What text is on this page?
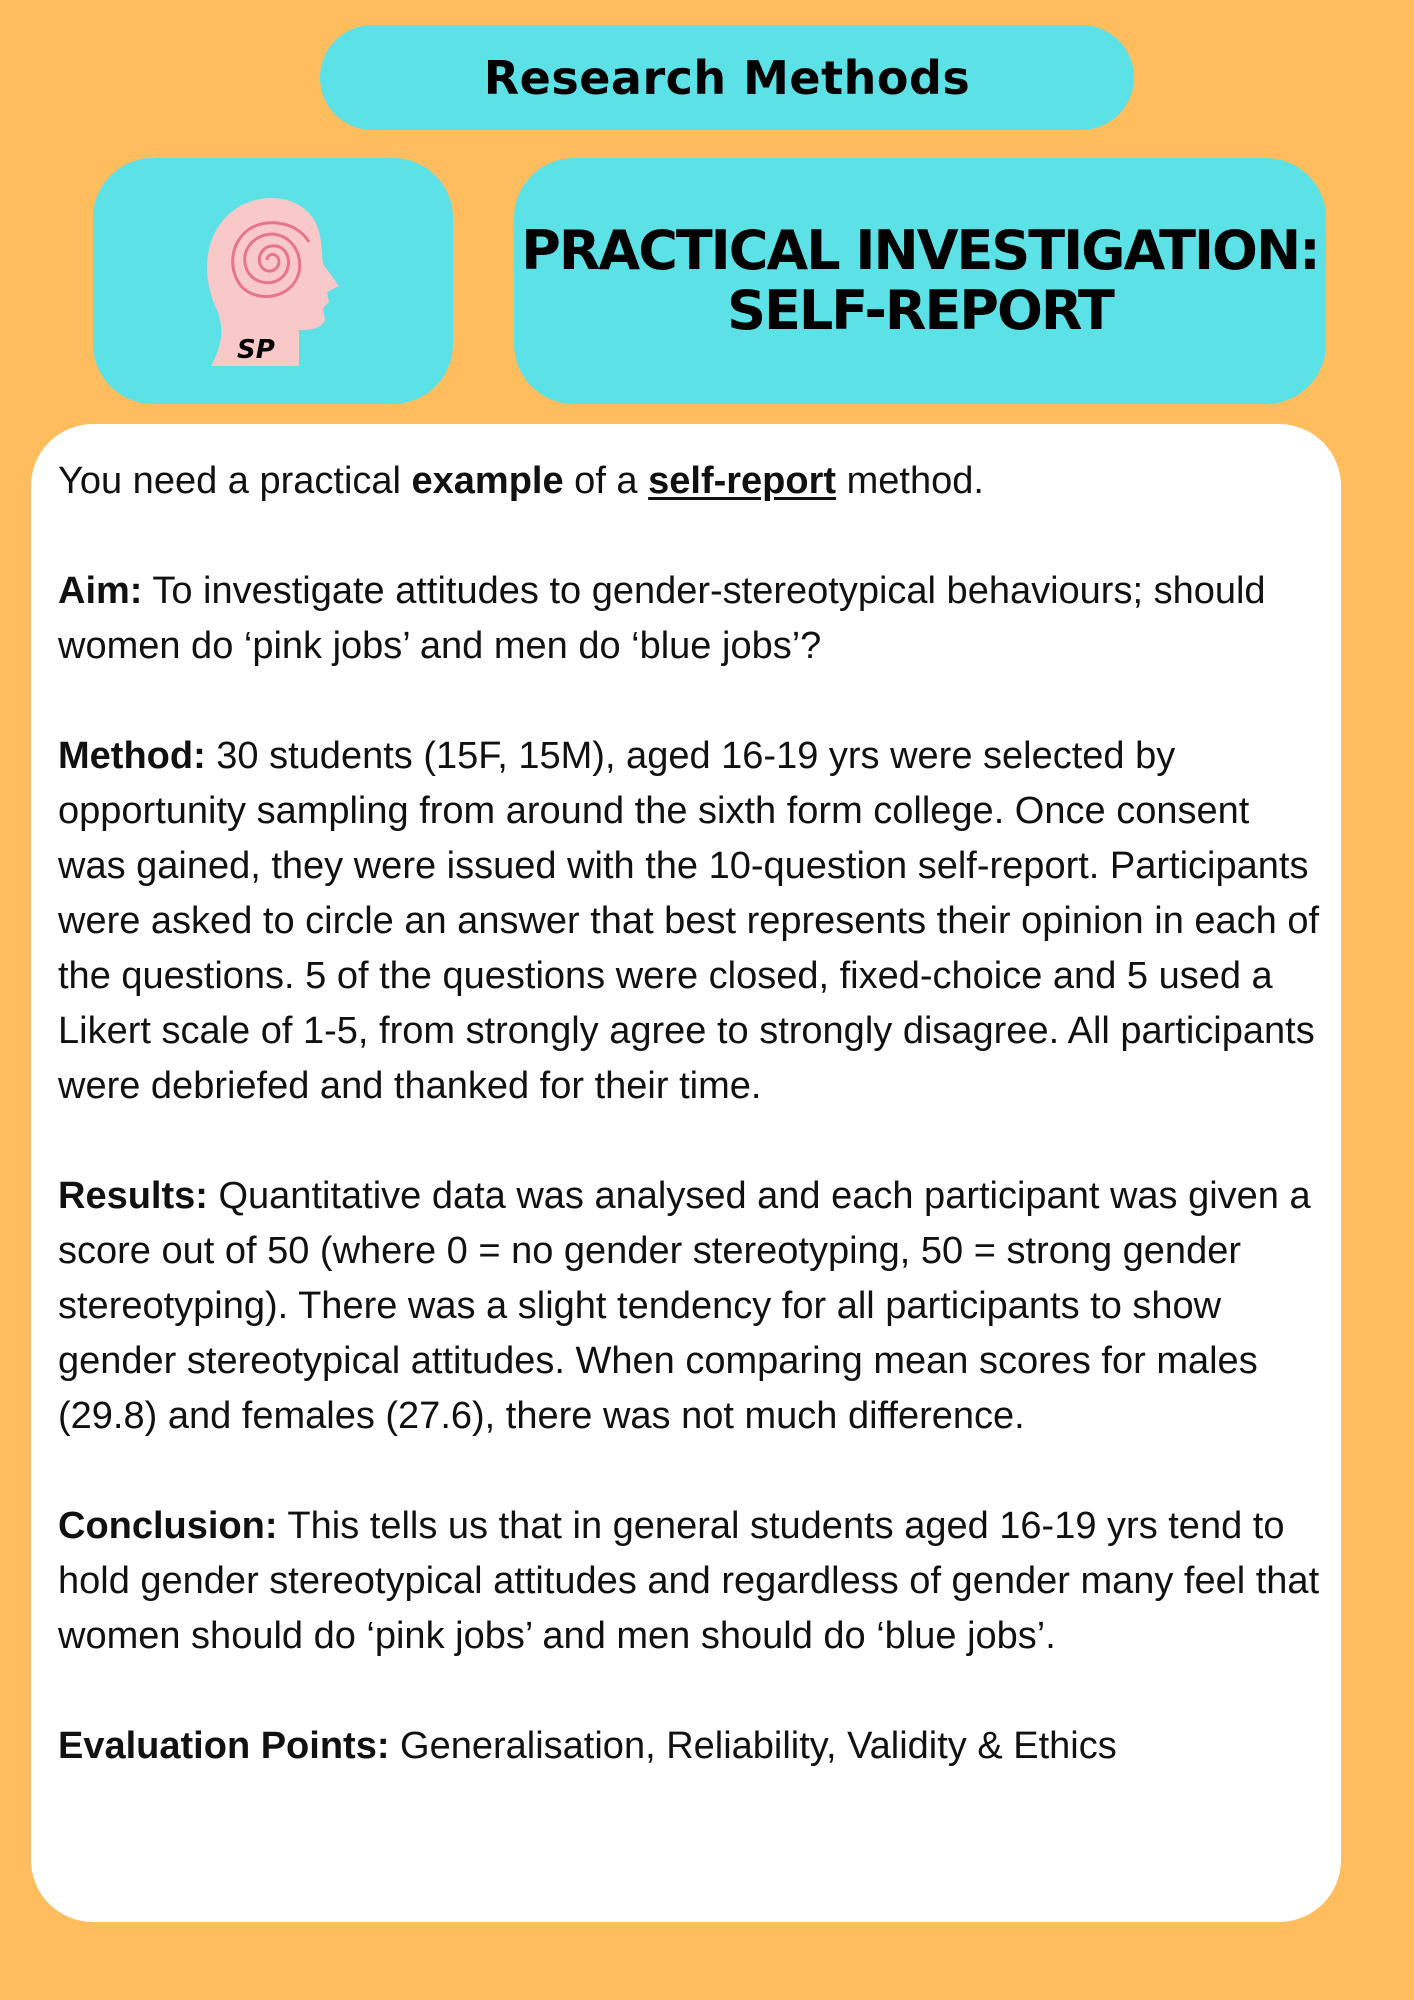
Research Methods
SP
PRACTICAL INVESTIGATION:
SELF-REPORT

You need a practical example of a self-report method.

Aim: To investigate attitudes to gender-stereotypical behaviours; should women do ‘pink jobs’ and men do ‘blue jobs’?

Method: 30 students (15F, 15M), aged 16-19 yrs were selected by opportunity sampling from around the sixth form college. Once consent was gained, they were issued with the 10-question self-report. Participants were asked to circle an answer that best represents their opinion in each of the questions. 5 of the questions were closed, fixed-choice and 5 used a Likert scale of 1-5, from strongly agree to strongly disagree. All participants were debriefed and thanked for their time.

Results: Quantitative data was analysed and each participant was given a score out of 50 (where 0 = no gender stereotyping, 50 = strong gender stereotyping). There was a slight tendency for all participants to show gender stereotypical attitudes. When comparing mean scores for males (29.8) and females (27.6), there was not much difference.

Conclusion: This tells us that in general students aged 16-19 yrs tend to hold gender stereotypical attitudes and regardless of gender many feel that women should do ‘pink jobs’ and men should do ‘blue jobs’.

Evaluation Points: Generalisation, Reliability, Validity & Ethics
